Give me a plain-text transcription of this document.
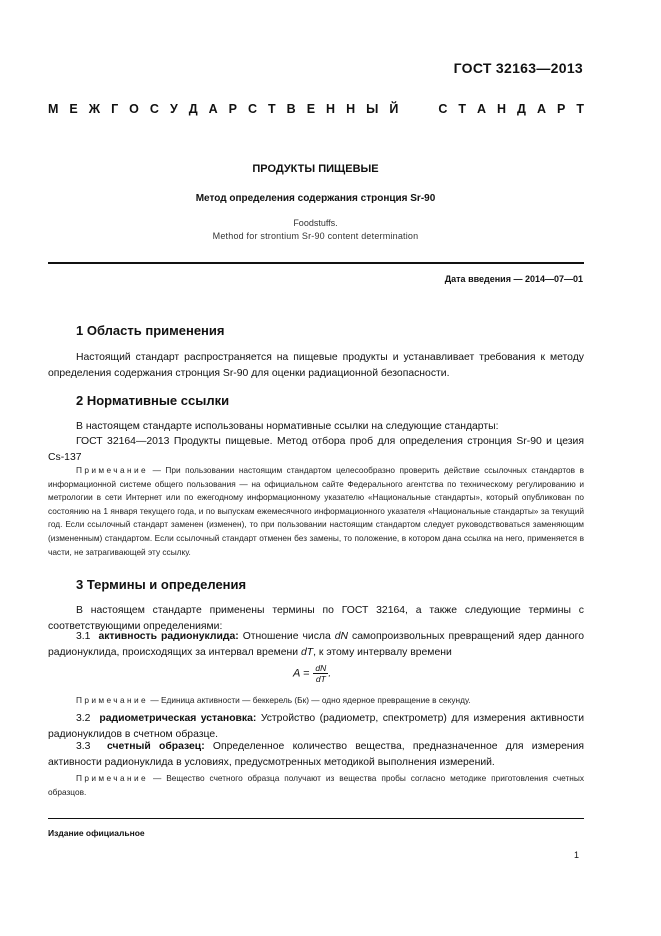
ГОСТ 32163—2013
М Е Ж Г О С У Д А Р С Т В Е Н Н Ы Й

	С Т А Н Д А Р Т
ПРОДУКТЫ ПИЩЕВЫЕ
Метод определения содержания стронция Sr-90
Foodstuffs.
Method for strontium Sr-90 content determination
Дата введения — 2014—07—01
1 Область применения
Настоящий стандарт распространяется на пищевые продукты и устанавливает требования к методу определения содержания стронция Sr-90 для оценки радиационной безопасности.
2 Нормативные ссылки
В настоящем стандарте использованы нормативные ссылки на следующие стандарты:
ГОСТ 32164—2013 Продукты пищевые. Метод отбора проб для определения стронция Sr-90 и цезия Cs-137
Примечание — При пользовании настоящим стандартом целесообразно проверить действие ссылочных стандартов в информационной системе общего пользования — на официальном сайте Федерального агентства по техническому регулированию и метрологии в сети Интернет или по ежегодному информационному указателю «Национальные стандарты», который опубликован по состоянию на 1 января текущего года, и по выпускам ежемесячного информационного указателя «Национальные стандарты» за текущий год. Если ссылочный стандарт заменен (изменен), то при пользовании настоящим стандартом следует руководствоваться заменяющим (измененным) стандартом. Если ссылочный стандарт отменен без замены, то положение, в котором дана ссылка на него, применяется в части, не затрагивающей эту ссылку.
3 Термины и определения
В настоящем стандарте применены термины по ГОСТ 32164, а также следующие термины с соответствующими определениями:
3.1 активность радионуклида: Отношение числа dN самопроизвольных превращений ядер данного радионуклида, происходящих за интервал времени dT, к этому интервалу времени
$A = \frac{dN}{dT}$ .
Примечание — Единица активности — беккерель (Бк) — одно ядерное превращение в секунду.
3.2 радиометрическая установка: Устройство (радиометр, спектрометр) для измерения активности радионуклидов в счетном образце.
3.3 счетный образец: Определенное количество вещества, предназначенное для измерения активности радионуклида в условиях, предусмотренных методикой выполнения измерений.
Примечание — Вещество счетного образца получают из вещества пробы согласно методике приготовления счетных образцов.
Издание официальное
1
